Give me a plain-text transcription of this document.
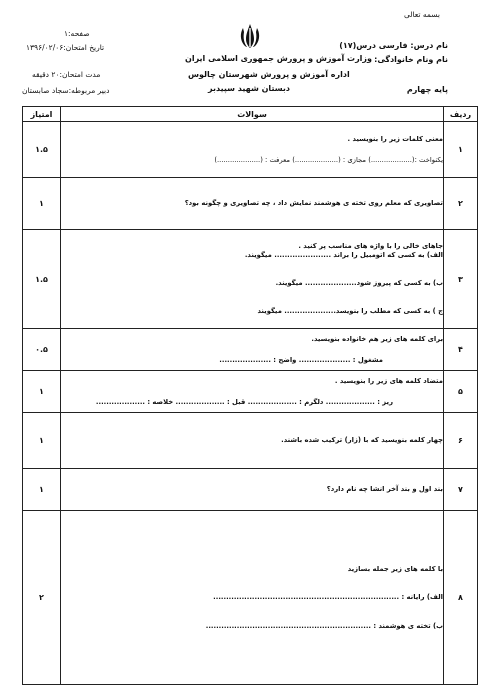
بسمه تعالی
نام درس: فارسی درس(۱۷)
نام ونام خانوادگی:
پایه چهارم
وزارت آموزش و پرورش جمهوری اسلامی ایران
اداره آموزش و پرورش شهرستان چالوس
دبستان شهید سپیدبر
صفحه:۱
تاریخ امتحان:۱۳۹۶/۰۲/۰۶
مدت امتحان:۲۰ دقیقه
دبیر مربوطه:سجاد صابستان
ردیف	سوالات	امتیاز
۱	معنی کلمات زیر را بنویسید .
یکنواخت :(...................) مجازی : (....................) معرفت : (....................)	۱.۵
۲	تصاویری که معلم روی تخته ی هوشمند نمایش داد ، چه تصاویری و چگونه بود؟	۱
۳	جاهای خالی را با واژه های مناسب پر کنید .
الف) به کسی که اتومبیل را براند ...................... میگویند.
ب) به کسی که پیروز شود.................... میگویند.
ج ) به کسی که مطلب را بنویسد.................... میگویند	۱.۵
۴	برای کلمه های زیر هم خانواده بنویسید.
مشغول : .................... واضح : ....................	۰.۵
۵	متضاد کلمه های زیر را بنویسید .
ریز : ................... دلگرم : ................... قبل : ................... خلاصه : ...................	۱
۶	چهار کلمه بنویسید که با (زار) ترکیب شده باشند.	۱
۷	بند اول و بند آخر انشا چه نام دارد؟	۱
۸	با کلمه های زیر جمله بسازید
الف) رایانه : ........................................................................
ب) تخته ی هوشمند : ................................................................	۲
